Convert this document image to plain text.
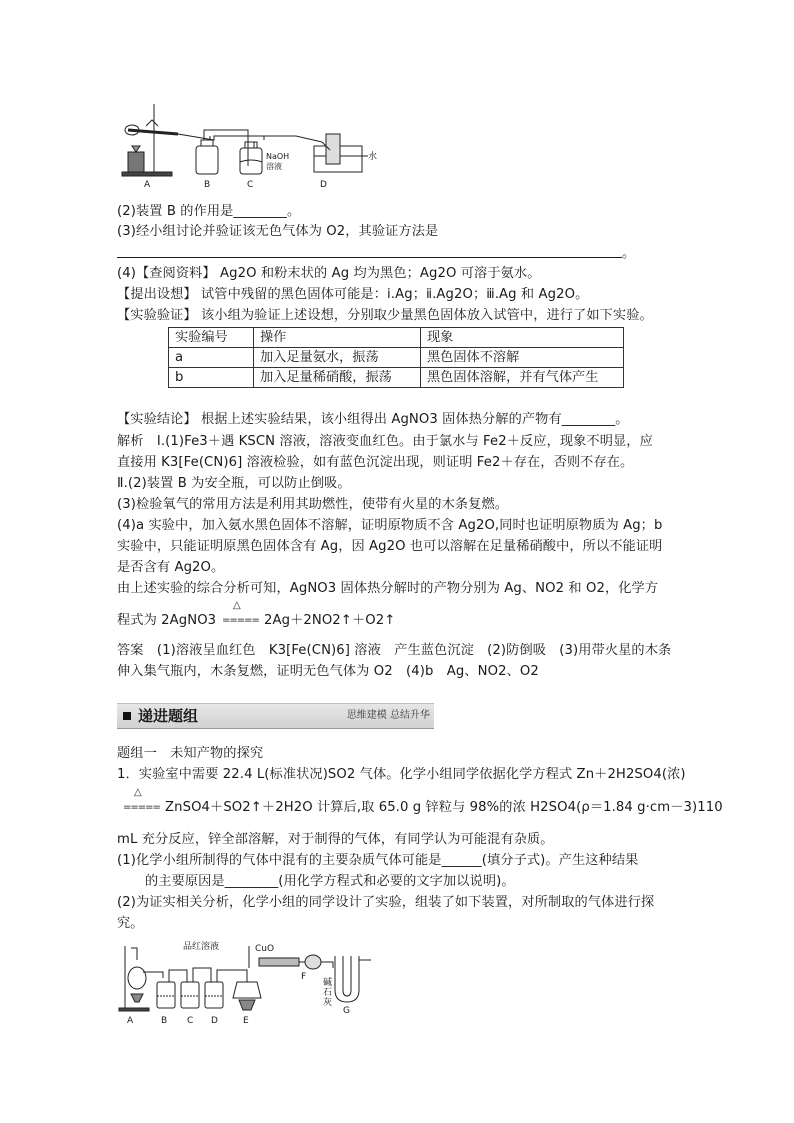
A	B	C	D
NaOH
溶液
水
(2)装置 B 的作用是________。
(3)经小组讨论并验证该无色气体为 O2，其验证方法是
。
(4)【查阅资料】 Ag2O 和粉末状的 Ag 均为黑色；Ag2O 可溶于氨水。
【提出设想】 试管中残留的黑色固体可能是：ⅰ.Ag；ⅱ.Ag2O；ⅲ.Ag 和 Ag2O。
【实验验证】 该小组为验证上述设想，分别取少量黑色固体放入试管中，进行了如下实验。
实验编号	操作	现象
a	加入足量氨水，振荡	黑色固体不溶解
b	加入足量稀硝酸，振荡	黑色固体溶解，并有气体产生
【实验结论】 根据上述实验结果，该小组得出 AgNO3 固体热分解的产物有________。
解析　Ⅰ.(1)Fe3＋遇 KSCN 溶液，溶液变血红色。由于氯水与 Fe2＋反应，现象不明显，应
直接用 K3[Fe(CN)6] 溶液检验，如有蓝色沉淀出现，则证明 Fe2＋存在，否则不存在。
Ⅱ.(2)装置 B 为安全瓶，可以防止倒吸。
(3)检验氧气的常用方法是利用其助燃性，使带有火星的木条复燃。
(4)a 实验中，加入氨水黑色固体不溶解，证明原物质不含 Ag2O,同时也证明原物质为 Ag；b
实验中，只能证明原黑色固体含有 Ag，因 Ag2O 也可以溶解在足量稀硝酸中，所以不能证明
是否含有 Ag2O。
由上述实验的综合分析可知，AgNO3 固体热分解时的产物分别为 Ag、NO2 和 O2，化学方
程式为 2AgNO3
△
===== 2Ag＋2NO2↑＋O2↑
答案　(1)溶液呈血红色　K3[Fe(CN)6] 溶液　产生蓝色沉淀　(2)防倒吸　(3)用带火星的木条
伸入集气瓶内，木条复燃，证明无色气体为 O2　(4)b　Ag、NO2、O2
递进题组	思维建模 总结升华
题组一　未知产物的探究
1．实验室中需要 22.4 L(标准状况)SO2 气体。化学小组同学依据化学方程式 Zn＋2H2SO4(浓)
△
===== ZnSO4＋SO2↑＋2H2O 计算后,取 65.0 g 锌粒与 98%的浓 H2SO4(ρ＝1.84 g·cm－3)110
mL 充分反应，锌全部溶解，对于制得的气体，有同学认为可能混有杂质。
(1)化学小组所制得的气体中混有的主要杂质气体可能是______(填分子式)。产生这种结果
的主要原因是________(用化学方程式和必要的文字加以说明)。
(2)为证实相关分析，化学小组的同学设计了实验，组装了如下装置，对所制取的气体进行探
究。
A	B C D	E
F
G
品红溶液	CuO
碱
石
灰
